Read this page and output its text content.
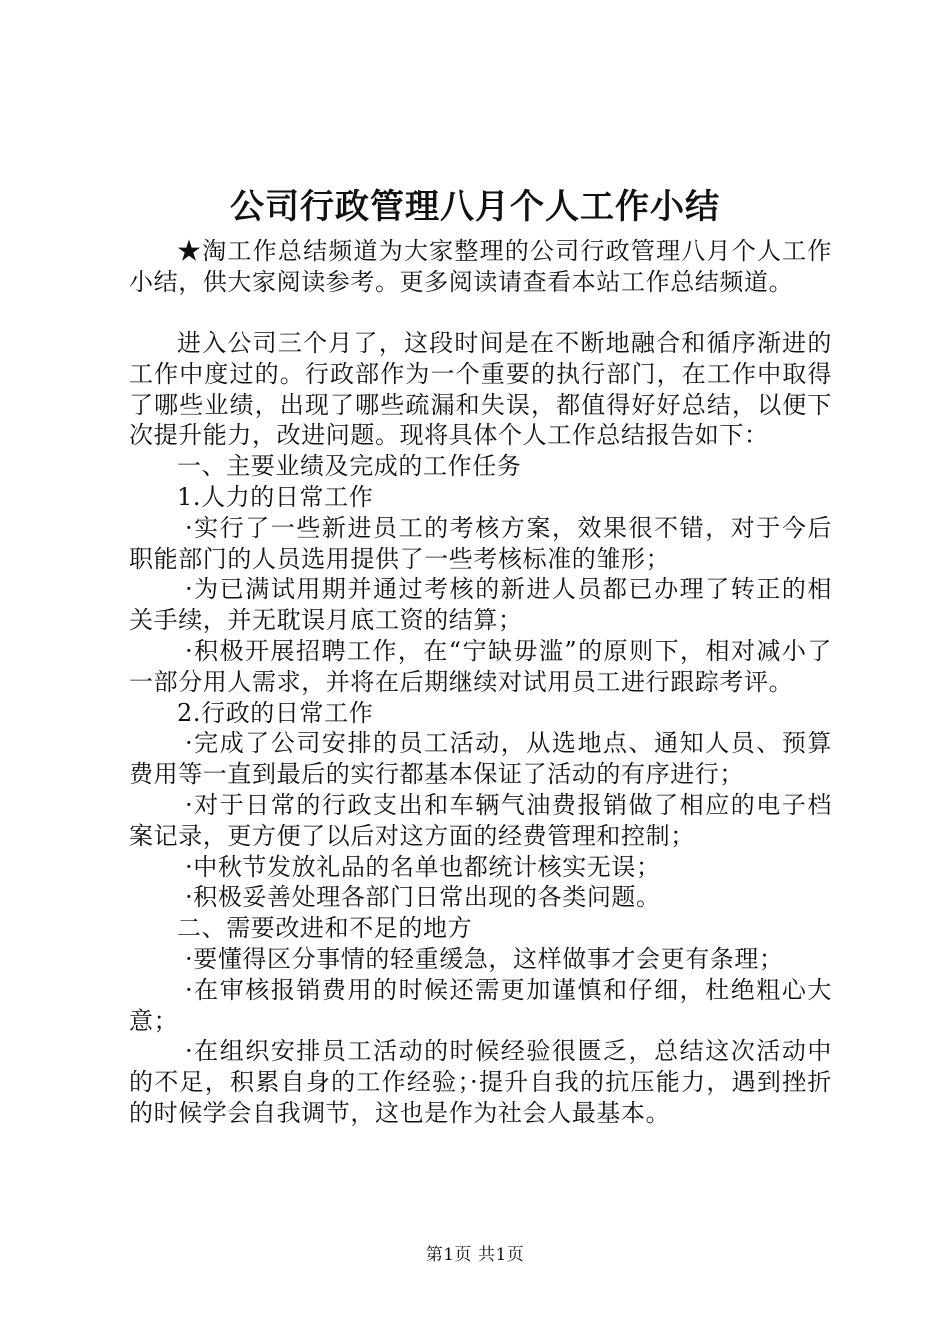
公司行政管理八月个人工作小结

★淘工作总结频道为大家整理的公司行政管理八月个人工作小结，供大家阅读参考。更多阅读请查看本站工作总结频道。

进入公司三个月了，这段时间是在不断地融合和循序渐进的工作中度过的。行政部作为一个重要的执行部门，在工作中取得了哪些业绩，出现了哪些疏漏和失误，都值得好好总结，以便下次提升能力，改进问题。现将具体个人工作总结报告如下：

一、主要业绩及完成的工作任务

1.人力的日常工作

·实行了一些新进员工的考核方案，效果很不错，对于今后职能部门的人员选用提供了一些考核标准的雏形；

·为已满试用期并通过考核的新进人员都已办理了转正的相关手续，并无耽误月底工资的结算；

·积极开展招聘工作，在“宁缺毋滥”的原则下，相对减小了一部分用人需求，并将在后期继续对试用员工进行跟踪考评。

2.行政的日常工作

·完成了公司安排的员工活动，从选地点、通知人员、预算费用等一直到最后的实行都基本保证了活动的有序进行；

·对于日常的行政支出和车辆气油费报销做了相应的电子档案记录，更方便了以后对这方面的经费管理和控制；

·中秋节发放礼品的名单也都统计核实无误；

·积极妥善处理各部门日常出现的各类问题。

二、需要改进和不足的地方

·要懂得区分事情的轻重缓急，这样做事才会更有条理；

·在审核报销费用的时候还需更加谨慎和仔细，杜绝粗心大意；

·在组织安排员工活动的时候经验很匮乏，总结这次活动中的不足，积累自身的工作经验；·提升自我的抗压能力，遇到挫折的时候学会自我调节，这也是作为社会人最基本。

第1页 共1页
